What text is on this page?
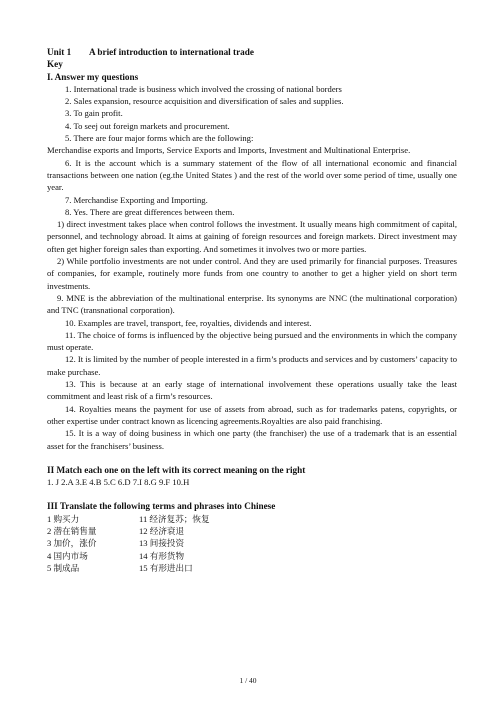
Unit 1 A brief introduction to international trade
Key
I. Answer my questions
1. International trade is business which involved the crossing of national borders
2. Sales expansion, resource acquisition and diversification of sales and supplies.
3. To gain profit.
4. To seej out foreign markets and procurement.
5. There are four major forms which are the following:
Merchandise exports and Imports, Service Exports and Imports, Investment and Multinational Enterprise.
6. It is the account which is a summary statement of the flow of all international economic and financial transactions between one nation (eg.the United States ) and the rest of the world over some period of time, usually one year.
7. Merchandise Exporting and Importing.
8. Yes. There are great differences between them.
1) direct investment takes place when control follows the investment. It usually means high commitment of capital, personnel, and technology abroad. It aims at gaining of foreign resources and foreign markets. Direct investment may often get higher foreign sales than exporting. And sometimes it involves two or more parties.
2) While portfolio investments are not under control. And they are used primarily for financial purposes. Treasures of companies, for example, routinely more funds from one country to another to get a higher yield on short term investments.
9. MNE is the abbreviation of the multinational enterprise. Its synonyms are NNC (the multinational corporation) and TNC (transnational corporation).
10. Examples are travel, transport, fee, royalties, dividends and interest.
11. The choice of forms is influenced by the objective being pursued and the environments in which the company must operate.
12. It is limited by the number of people interested in a firm’s products and services and by customers’ capacity to make purchase.
13. This is because at an early stage of international involvement these operations usually take the least commitment and least risk of a firm’s resources.
14. Royalties means the payment for use of assets from abroad, such as for trademarks patens, copyrights, or other expertise under contract known as licencing agreements.Royalties are also paid franchising.
15. It is a way of doing business in which one party (the franchiser) the use of a trademark that is an essential asset for the franchisers’ business.
II Match each one on the left with its correct meaning on the right
1. J 2.A 3.E 4.B 5.C 6.D 7.I 8.G 9.F 10.H
III Translate the following terms and phrases into Chinese
1 购买力	11 经济复苏；恢复
2 潜在销售量	12 经济衰退
3 加价，涨价	13 间接投资
4 国内市场	14 有形货物
5 制成品	15 有形进出口
1 / 40
